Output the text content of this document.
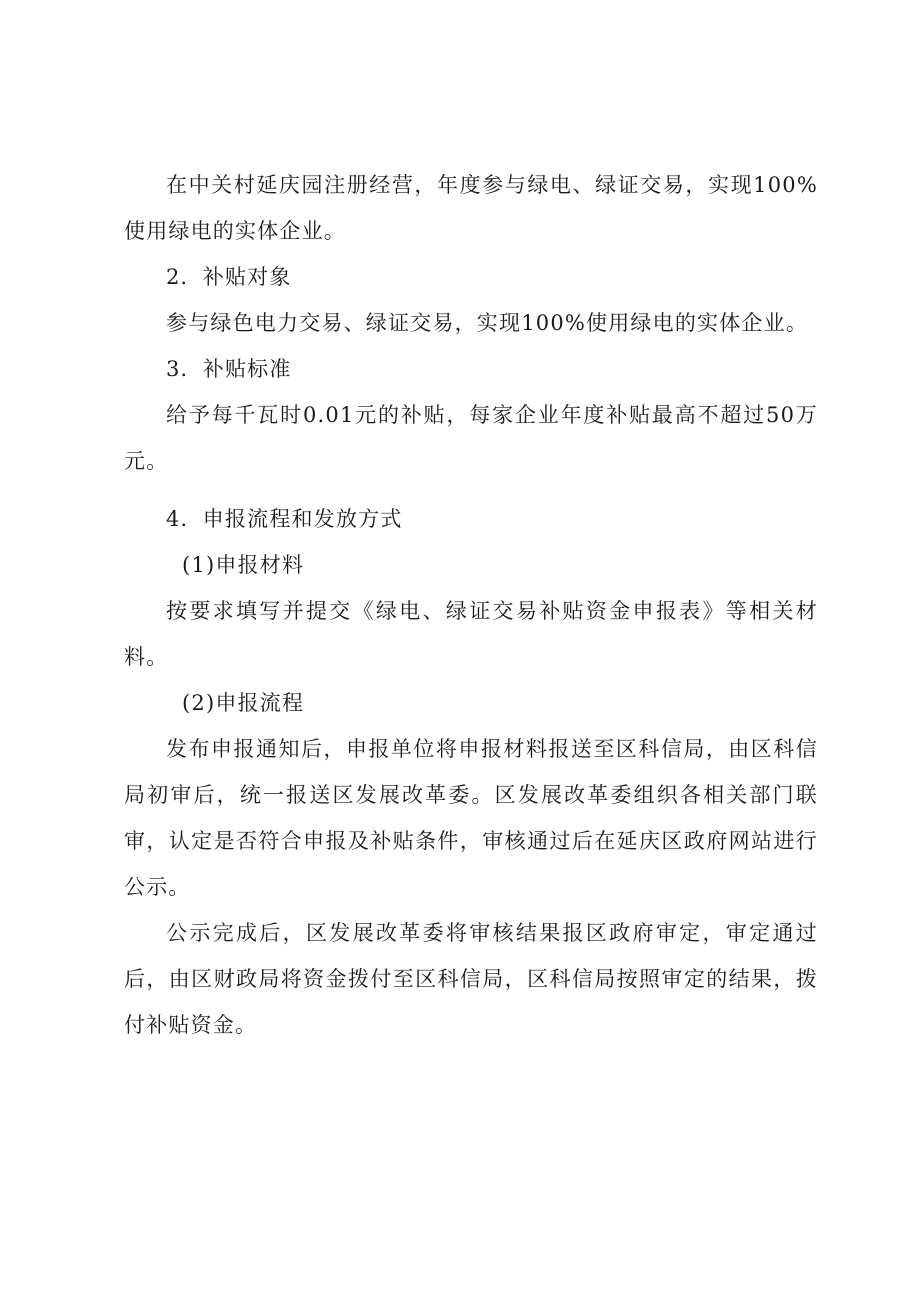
在中关村延庆园注册经营，年度参与绿电、绿证交易，实现100%使用绿电的实体企业。

2．补贴对象

参与绿色电力交易、绿证交易，实现100%使用绿电的实体企业。

3．补贴标准

给予每千瓦时0.01元的补贴，每家企业年度补贴最高不超过50万元。

4．申报流程和发放方式

(1)申报材料

按要求填写并提交《绿电、绿证交易补贴资金申报表》等相关材料。

(2)申报流程

发布申报通知后，申报单位将申报材料报送至区科信局，由区科信局初审后，统一报送区发展改革委。区发展改革委组织各相关部门联审，认定是否符合申报及补贴条件，审核通过后在延庆区政府网站进行公示。

公示完成后，区发展改革委将审核结果报区政府审定，审定通过后，由区财政局将资金拨付至区科信局，区科信局按照审定的结果，拨付补贴资金。
